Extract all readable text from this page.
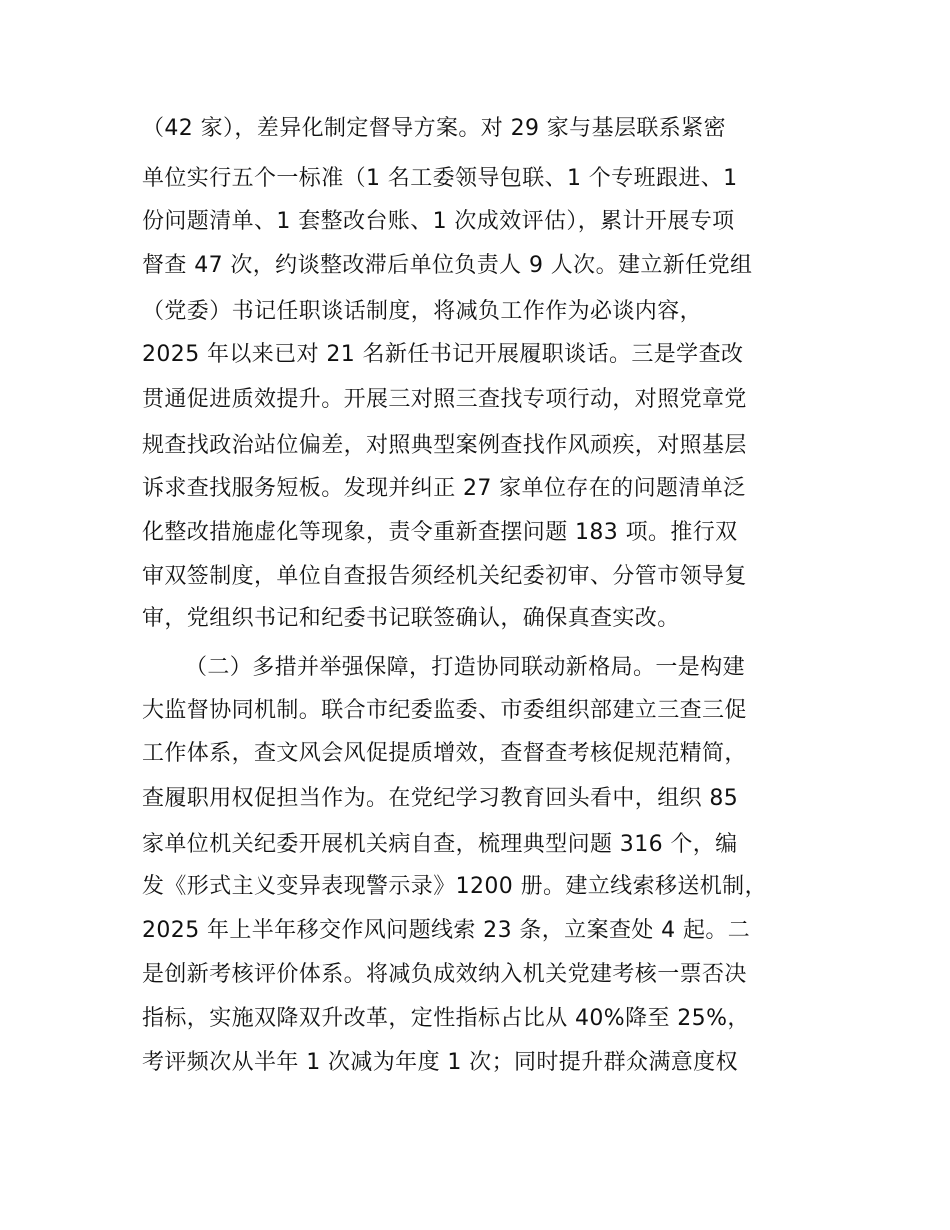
（42 家），差异化制定督导方案。对 29 家与基层联系紧密
单位实行五个一标准（1 名工委领导包联、1 个专班跟进、1
份问题清单、1 套整改台账、1 次成效评估），累计开展专项
督查 47 次，约谈整改滞后单位负责人 9 人次。建立新任党组
（党委）书记任职谈话制度，将减负工作作为必谈内容，
2025 年以来已对 21 名新任书记开展履职谈话。三是学查改
贯通促进质效提升。开展三对照三查找专项行动，对照党章党
规查找政治站位偏差，对照典型案例查找作风顽疾，对照基层
诉求查找服务短板。发现并纠正 27 家单位存在的问题清单泛
化整改措施虚化等现象，责令重新查摆问题 183 项。推行双
审双签制度，单位自查报告须经机关纪委初审、分管市领导复
审，党组织书记和纪委书记联签确认，确保真查实改。
（二）多措并举强保障，打造协同联动新格局。一是构建
大监督协同机制。联合市纪委监委、市委组织部建立三查三促
工作体系，查文风会风促提质增效，查督查考核促规范精简，
查履职用权促担当作为。在党纪学习教育回头看中，组织 85
家单位机关纪委开展机关病自查，梳理典型问题 316 个，编
发《形式主义变异表现警示录》1200 册。建立线索移送机制，
2025 年上半年移交作风问题线索 23 条，立案查处 4 起。二
是创新考核评价体系。将减负成效纳入机关党建考核一票否决
指标，实施双降双升改革，定性指标占比从 40%降至 25%，
考评频次从半年 1 次减为年度 1 次；同时提升群众满意度权
